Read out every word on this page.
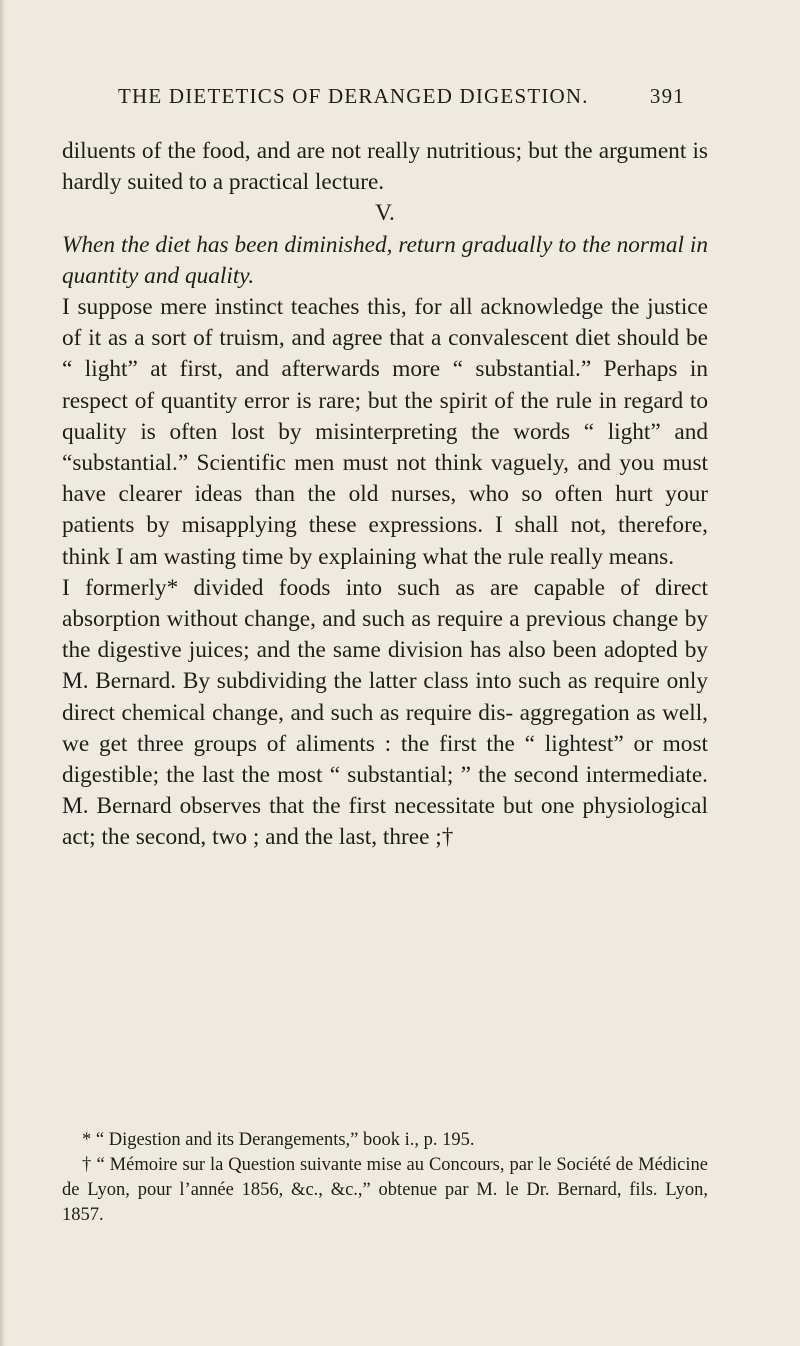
THE DIETETICS OF DERANGED DIGESTION.	391

diluents of the food, and are not really nutritious; but the argument is hardly suited to a practical lecture.

V.

When the diet has been diminished, return gradually to the normal in quantity and quality.

I suppose mere instinct teaches this, for all acknowledge the justice of it as a sort of truism, and agree that a convalescent diet should be “ light” at first, and afterwards more “ substantial.” Perhaps in respect of quantity error is rare; but the spirit of the rule in regard to quality is often lost by misinterpreting the words “ light” and “substantial.” Scientific men must not think vaguely, and you must have clearer ideas than the old nurses, who so often hurt your patients by misapplying these expressions. I shall not, therefore, think I am wasting time by explaining what the rule really means.

I formerly* divided foods into such as are capable of direct absorption without change, and such as require a previous change by the digestive juices; and the same division has also been adopted by M. Bernard. By subdividing the latter class into such as require only direct chemical change, and such as require dis- aggregation as well, we get three groups of aliments : the first the “ lightest” or most digestible; the last the most “ substantial; ” the second intermediate. M. Bernard observes that the first necessitate but one physiological act; the second, two ; and the last, three ;†

* “ Digestion and its Derangements,” book i., p. 195.

† “ Mémoire sur la Question suivante mise au Concours, par le Société de Médicine de Lyon, pour l’année 1856, &c., &c.,” obtenue par M. le Dr. Bernard, fils. Lyon, 1857.
